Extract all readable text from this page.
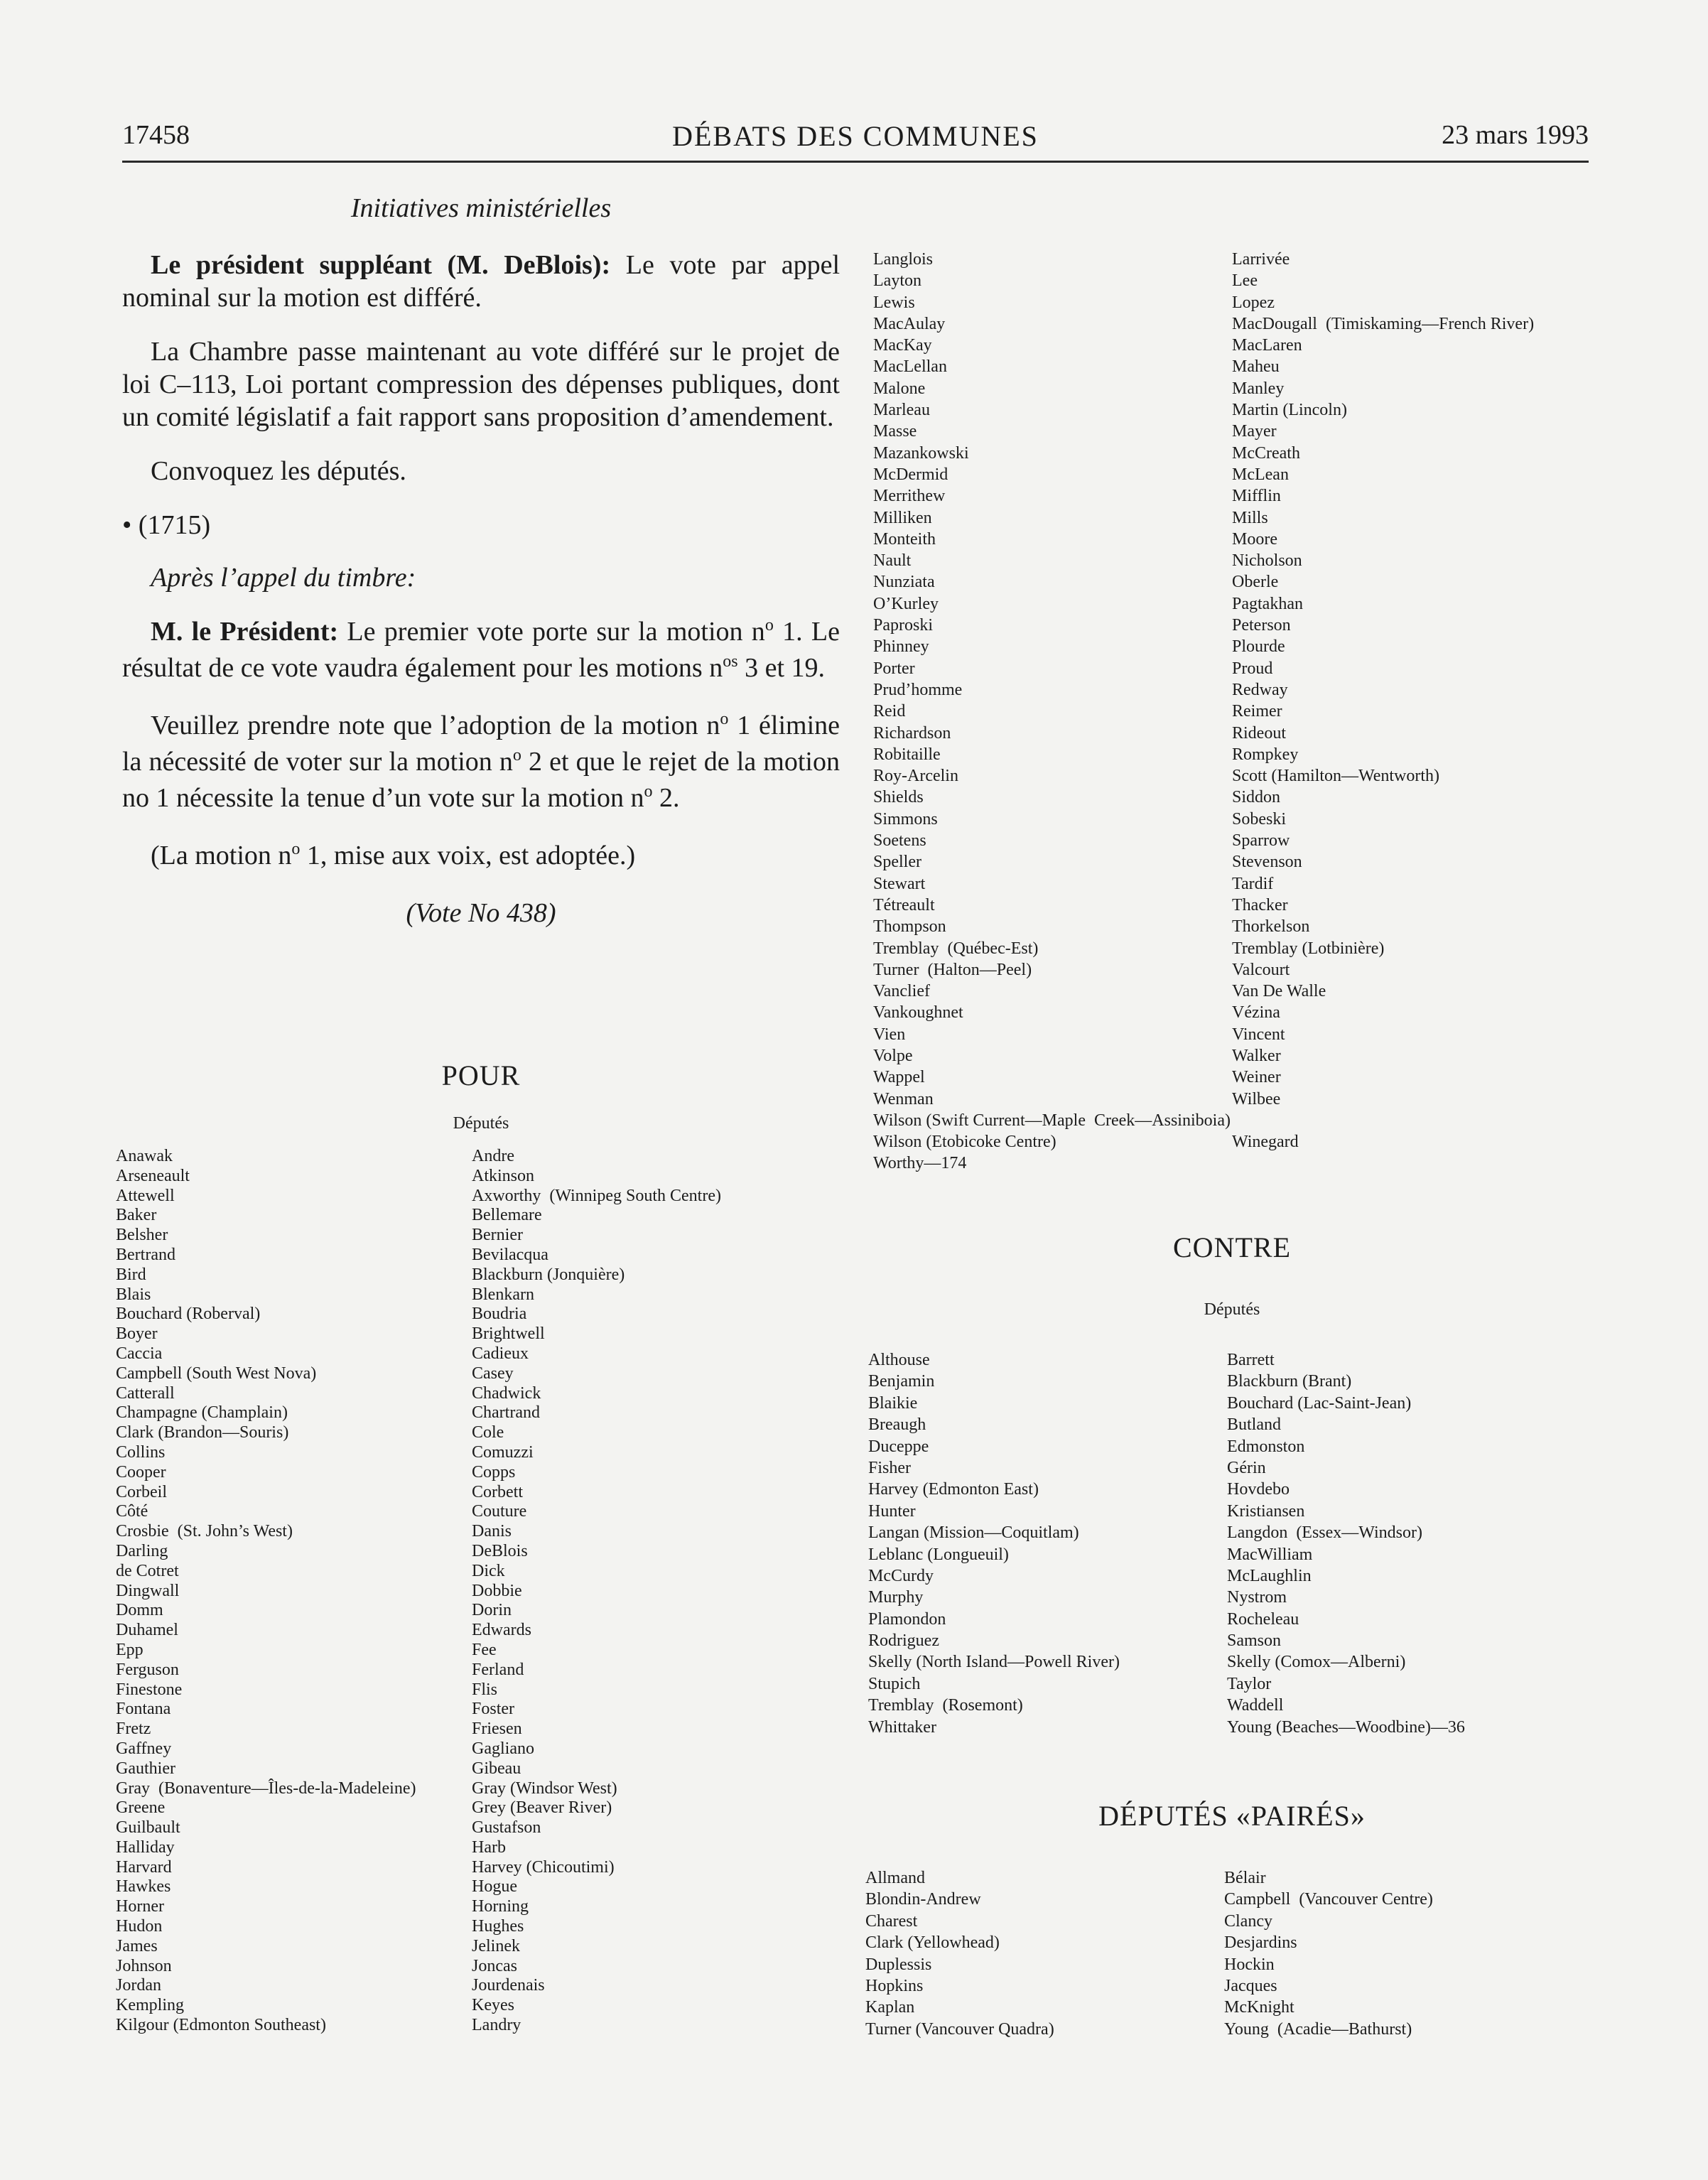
17458	DÉBATS DES COMMUNES	23 mars 1993
Initiatives ministérielles

Le président suppléant (M. DeBlois): Le vote par appel nominal sur la motion est différé.

La Chambre passe maintenant au vote différé sur le projet de loi C–113, Loi portant compression des dépenses publiques, dont un comité législatif a fait rapport sans proposition d’amendement.

Convoquez les députés.

• (1715)

Après l’appel du timbre:

M. le Président: Le premier vote porte sur la motion $n^o$ 1. Le résultat de ce vote vaudra également pour les motions $n^{os}$ 3 et 19.

Veuillez prendre note que l’adoption de la motion $n^o$ 1 élimine la nécessité de voter sur la motion $n^o$ 2 et que le rejet de la motion no 1 nécessite la tenue d’un vote sur la motion $n^o$ 2.

(La motion $n^o$ 1, mise aux voix, est adoptée.)

(Vote No 438)

POUR
Députés
Anawak
Arseneault
Attewell
Baker
Belsher
Bertrand
Bird
Blais
Bouchard (Roberval)
Boyer
Caccia
Campbell (South West Nova)
Catterall
Champagne (Champlain)
Clark (Brandon—Souris)
Collins
Cooper
Corbeil
Côté
Crosbie  (St. John’s West)
Darling
de Cotret
Dingwall
Domm
Duhamel
Epp
Ferguson
Finestone
Fontana
Fretz
Gaffney
Gauthier
Gray  (Bonaventure—Îles-de-la-Madeleine)
Greene
Guilbault
Halliday
Harvard
Hawkes
Horner
Hudon
James
Johnson
Jordan
Kempling
Kilgour (Edmonton Southeast)
Andre
Atkinson
Axworthy  (Winnipeg South Centre)
Bellemare
Bernier
Bevilacqua
Blackburn (Jonquière)
Blenkarn
Boudria
Brightwell
Cadieux
Casey
Chadwick
Chartrand
Cole
Comuzzi
Copps
Corbett
Couture
Danis
DeBlois
Dick
Dobbie
Dorin
Edwards
Fee
Ferland
Flis
Foster
Friesen
Gagliano
Gibeau
Gray (Windsor West)
Grey (Beaver River)
Gustafson
Harb
Harvey (Chicoutimi)
Hogue
Horning
Hughes
Jelinek
Joncas
Jourdenais
Keyes
Landry
Langlois
Layton
Lewis
MacAulay
MacKay
MacLellan
Malone
Marleau
Masse
Mazankowski
McDermid
Merrithew
Milliken
Monteith
Nault
Nunziata
O’Kurley
Paproski
Phinney
Porter
Prud’homme
Reid
Richardson
Robitaille
Roy-Arcelin
Shields
Simmons
Soetens
Speller
Stewart
Tétreault
Thompson
Tremblay  (Québec-Est)
Turner  (Halton—Peel)
Vanclief
Vankoughnet
Vien
Volpe
Wappel
Wenman
Wilson (Swift Current—Maple  Creek—Assiniboia)
Wilson (Etobicoke Centre)
Worthy—174
Larrivée
Lee
Lopez
MacDougall  (Timiskaming—French River)
MacLaren
Maheu
Manley
Martin (Lincoln)
Mayer
McCreath
McLean
Mifflin
Mills
Moore
Nicholson
Oberle
Pagtakhan
Peterson
Plourde
Proud
Redway
Reimer
Rideout
Rompkey
Scott (Hamilton—Wentworth)
Siddon
Sobeski
Sparrow
Stevenson
Tardif
Thacker
Thorkelson
Tremblay (Lotbinière)
Valcourt
Van De Walle
Vézina
Vincent
Walker
Weiner
Wilbee
Winegard
CONTRE
Députés
Althouse
Benjamin
Blaikie
Breaugh
Duceppe
Fisher
Harvey (Edmonton East)
Hunter
Langan (Mission—Coquitlam)
Leblanc (Longueuil)
McCurdy
Murphy
Plamondon
Rodriguez
Skelly (North Island—Powell River)
Stupich
Tremblay  (Rosemont)
Whittaker
Barrett
Blackburn (Brant)
Bouchard (Lac-Saint-Jean)
Butland
Edmonston
Gérin
Hovdebo
Kristiansen
Langdon  (Essex—Windsor)
MacWilliam
McLaughlin
Nystrom
Rocheleau
Samson
Skelly (Comox—Alberni)
Taylor
Waddell
Young (Beaches—Woodbine)—36
DÉPUTÉS «PAIRÉS»
Allmand
Blondin-Andrew
Charest
Clark (Yellowhead)
Duplessis
Hopkins
Kaplan
Turner (Vancouver Quadra)
Bélair
Campbell  (Vancouver Centre)
Clancy
Desjardins
Hockin
Jacques
McKnight
Young  (Acadie—Bathurst)
